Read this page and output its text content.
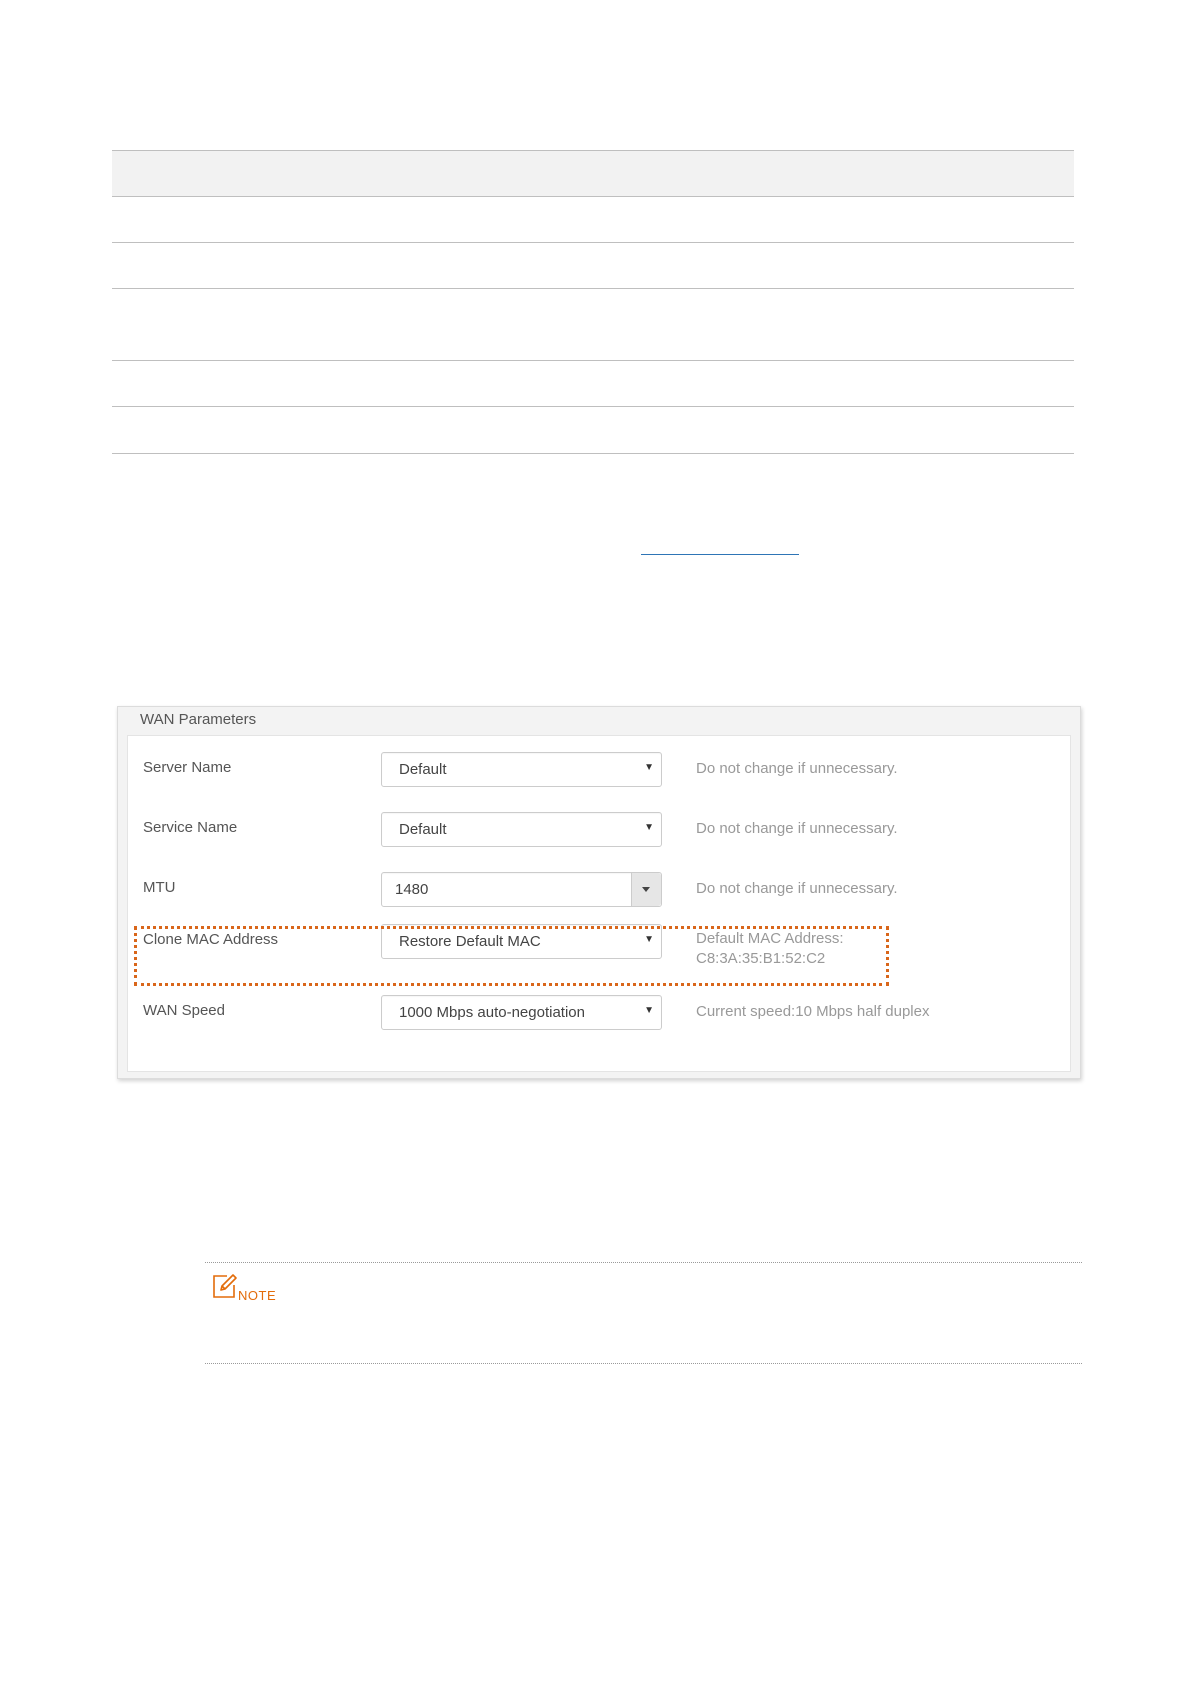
WAN Parameters
Server Name	Default	▼	Do not change if unnecessary.
Service Name	Default	▼	Do not change if unnecessary.
MTU	1480	Do not change if unnecessary.
Clone MAC Address	Restore Default MAC	▼	Default MAC Address:
C8:3A:35:B1:52:C2
WAN Speed	1000 Mbps auto-negotiation	▼	Current speed:10 Mbps half duplex
NOTE
